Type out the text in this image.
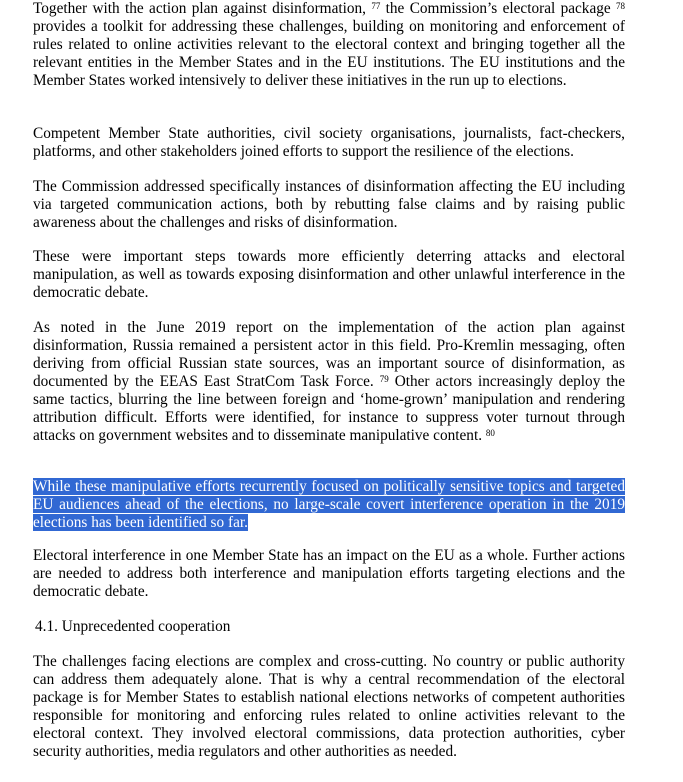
Together with the action plan against disinformation, $^{77}$ the Commission’s electoral package $^{78}$ provides a toolkit for addressing these challenges, building on monitoring and enforcement of rules related to online activities relevant to the electoral context and bringing together all the relevant entities in the Member States and in the EU institutions. The EU institutions and the Member States worked intensively to deliver these initiatives in the run up to elections.

Competent Member State authorities, civil society organisations, journalists, fact-checkers, platforms, and other stakeholders joined efforts to support the resilience of the elections.

The Commission addressed specifically instances of disinformation affecting the EU including via targeted communication actions, both by rebutting false claims and by raising public awareness about the challenges and risks of disinformation.

These were important steps towards more efficiently deterring attacks and electoral manipulation, as well as towards exposing disinformation and other unlawful interference in the democratic debate.

As noted in the June 2019 report on the implementation of the action plan against disinformation, Russia remained a persistent actor in this field. Pro-Kremlin messaging, often deriving from official Russian state sources, was an important source of disinformation, as documented by the EEAS East StratCom Task Force. $^{79}$ Other actors increasingly deploy the same tactics, blurring the line between foreign and ‘home-grown’ manipulation and rendering attribution difficult. Efforts were identified, for instance to suppress voter turnout through attacks on government websites and to disseminate manipulative content. $^{80}$

While these manipulative efforts recurrently focused on politically sensitive topics and targeted EU audiences ahead of the elections, no large-scale covert interference operation in the 2019 elections has been identified so far.

Electoral interference in one Member State has an impact on the EU as a whole. Further actions are needed to address both interference and manipulation efforts targeting elections and the democratic debate.

4.1. Unprecedented cooperation

The challenges facing elections are complex and cross-cutting. No country or public authority can address them adequately alone. That is why a central recommendation of the electoral package is for Member States to establish national elections networks of competent authorities responsible for monitoring and enforcing rules related to online activities relevant to the electoral context. They involved electoral commissions, data protection authorities, cyber security authorities, media regulators and other authorities as needed.
